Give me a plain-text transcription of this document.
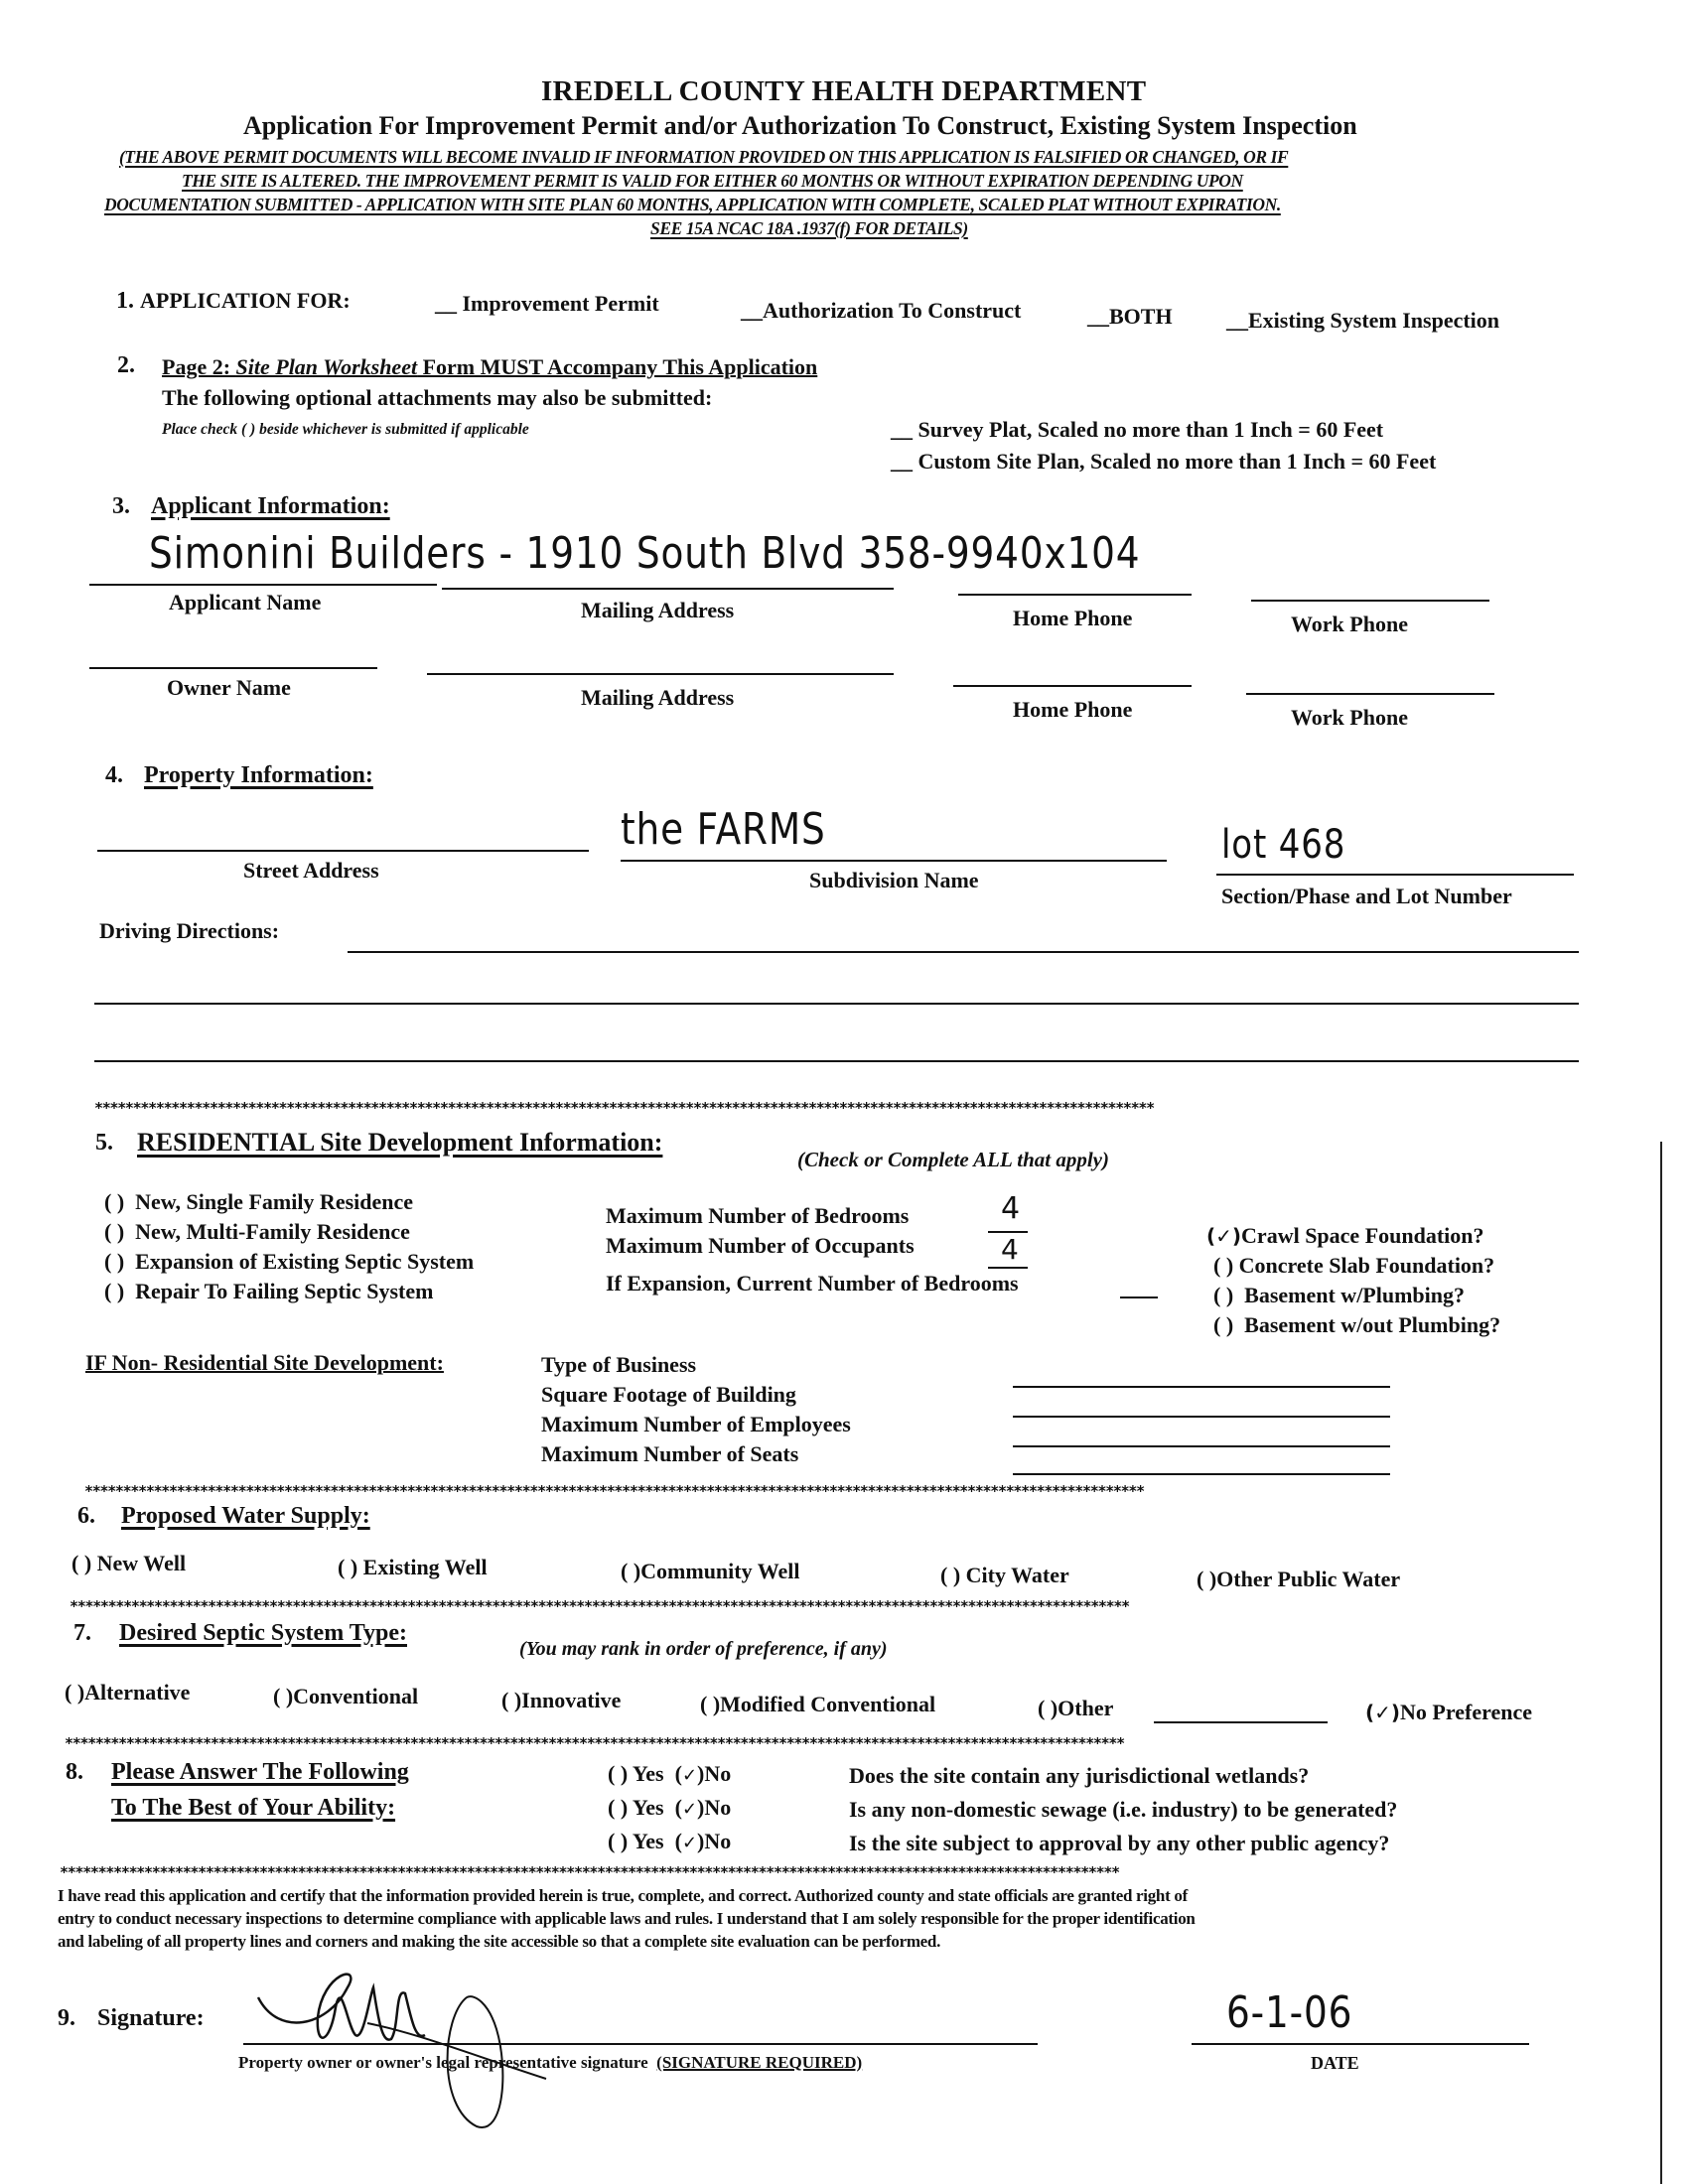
IREDELL COUNTY HEALTH DEPARTMENT
Application For Improvement Permit and/or Authorization To Construct, Existing System Inspection
(THE ABOVE PERMIT DOCUMENTS WILL BECOME INVALID IF INFORMATION PROVIDED ON THIS APPLICATION IS FALSIFIED OR CHANGED, OR IF
THE SITE IS ALTERED. THE IMPROVEMENT PERMIT IS VALID FOR EITHER 60 MONTHS OR WITHOUT EXPIRATION DEPENDING UPON
DOCUMENTATION SUBMITTED - APPLICATION WITH SITE PLAN 60 MONTHS, APPLICATION WITH COMPLETE, SCALED PLAT WITHOUT EXPIRATION.
SEE 15A NCAC 18A .1937(f) FOR DETAILS)
1. APPLICATION FOR:	__ Improvement Permit	__Authorization To Construct	__BOTH __Existing System Inspection
2. Page 2: Site Plan Worksheet Form MUST Accompany This Application
The following optional attachments may also be submitted:
Place check ( ) beside whichever is submitted if applicable	__ Survey Plat, Scaled no more than 1 Inch = 60 Feet
__ Custom Site Plan, Scaled no more than 1 Inch = 60 Feet
3. Applicant Information:
Simonini Builders - 1910 South Blvd 358-9940x104
Applicant Name	Mailing Address	Home Phone	Work Phone
Owner Name	Mailing Address	Home Phone	Work Phone
4. Property Information:
the FARMS	lot 468
Street Address	Subdivision Name
Section/Phase and Lot Number
Driving Directions:
******************************************************************************************************************************************
5. RESIDENTIAL Site Development Information:
(Check or Complete ALL that apply)
( ) New, Single Family Residence
( ) New, Multi-Family Residence
( ) Expansion of Existing Septic System
( ) Repair To Failing Septic System
Maximum Number of Bedrooms	4
Maximum Number of Occupants	4
If Expansion, Current Number of Bedrooms
(✓)Crawl Space Foundation?
( ) Concrete Slab Foundation?
( ) Basement w/Plumbing?
( ) Basement w/out Plumbing?
IF Non- Residential Site Development:	Type of Business
Square Footage of Building
Maximum Number of Employees
Maximum Number of Seats
******************************************************************************************************************************************
6. Proposed Water Supply:
( ) New Well	( ) Existing Well	( )Community Well	( ) City Water	( )Other Public Water
******************************************************************************************************************************************
7. Desired Septic System Type:
(You may rank in order of preference, if any)
( )Alternative	( )Conventional	( )Innovative	( )Modified Conventional	( )Other	(✓)No Preference
******************************************************************************************************************************************
8. Please Answer The Following
To The Best of Your Ability:
( ) Yes  (✓)No	Does the site contain any jurisdictional wetlands?
( ) Yes  (✓)No	Is any non-domestic sewage (i.e. industry) to be generated?
( ) Yes  (✓)No	Is the site subject to approval by any other public agency?
******************************************************************************************************************************************
I have read this application and certify that the information provided herein is true, complete, and correct. Authorized county and state officials are granted right of
entry to conduct necessary inspections to determine compliance with applicable laws and rules. I understand that I am solely responsible for the proper identification
and labeling of all property lines and corners and making the site accessible so that a complete site evaluation can be performed.
9. Signature:
Property owner or owner's legal representative signature (SIGNATURE REQUIRED)
6-1-06
DATE
